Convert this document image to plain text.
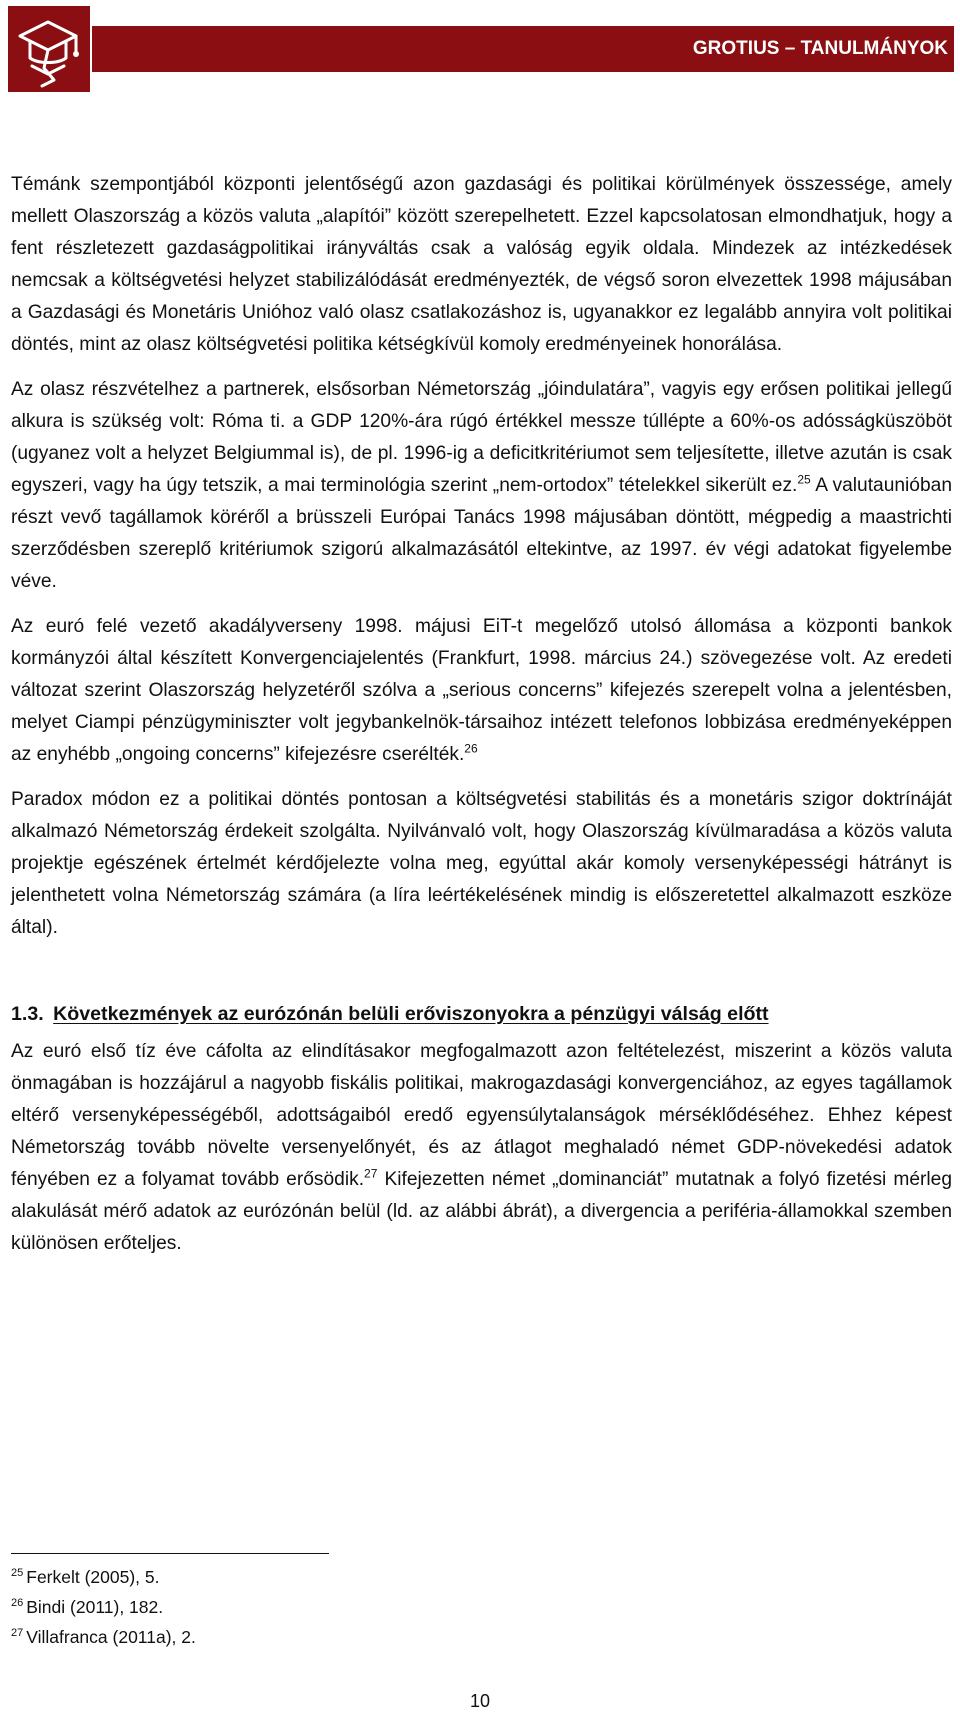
GROTIUS – TANULMÁNYOK

Témánk szempontjából központi jelentőségű azon gazdasági és politikai körülmények összessége, amely mellett Olaszország a közös valuta „alapítói” között szerepelhetett. Ezzel kapcsolatosan elmondhatjuk, hogy a fent részletezett gazdaságpolitikai irányváltás csak a valóság egyik oldala. Mindezek az intézkedések nemcsak a költségvetési helyzet stabilizálódását eredményezték, de végső soron elvezettek 1998 májusában a Gazdasági és Monetáris Unióhoz való olasz csatlakozáshoz is, ugyanakkor ez legalább annyira volt politikai döntés, mint az olasz költségvetési politika kétségkívül komoly eredményeinek honorálása.

Az olasz részvételhez a partnerek, elsősorban Németország „jóindulatára”, vagyis egy erősen politikai jellegű alkura is szükség volt: Róma ti. a GDP 120%-ára rúgó értékkel messze túllépte a 60%-os adósságküszöböt (ugyanez volt a helyzet Belgiummal is), de pl. 1996-ig a deficitkritériumot sem teljesítette, illetve azután is csak egyszeri, vagy ha úgy tetszik, a mai terminológia szerint „nem-ortodox” tételekkel sikerült ez.$^{25}$ A valutaunióban részt vevő tagállamok köréről a brüsszeli Európai Tanács 1998 májusában döntött, mégpedig a maastrichti szerződésben szereplő kritériumok szigorú alkalmazásától eltekintve, az 1997. év végi adatokat figyelembe véve.

Az euró felé vezető akadályverseny 1998. májusi EiT-t megelőző utolsó állomása a központi bankok kormányzói által készített Konvergenciajelentés (Frankfurt, 1998. március 24.) szövegezése volt. Az eredeti változat szerint Olaszország helyzetéről szólva a „serious concerns” kifejezés szerepelt volna a jelentésben, melyet Ciampi pénzügyminiszter volt jegybankelnök-társaihoz intézett telefonos lobbizása eredményeképpen az enyhébb „ongoing concerns” kifejezésre cserélték.$^{26}$

Paradox módon ez a politikai döntés pontosan a költségvetési stabilitás és a monetáris szigor doktrínáját alkalmazó Németország érdekeit szolgálta. Nyilvánvaló volt, hogy Olaszország kívülmaradása a közös valuta projektje egészének értelmét kérdőjelezte volna meg, egyúttal akár komoly versenyképességi hátrányt is jelenthetett volna Németország számára (a líra leértékelésének mindig is előszeretettel alkalmazott eszköze által).

1.3. Következmények az eurózónán belüli erőviszonyokra a pénzügyi válság előtt

Az euró első tíz éve cáfolta az elindításakor megfogalmazott azon feltételezést, miszerint a közös valuta önmagában is hozzájárul a nagyobb fiskális politikai, makrogazdasági konvergenciához, az egyes tagállamok eltérő versenyképességéből, adottságaiból eredő egyensúlytalanságok mérséklődéséhez. Ehhez képest Németország tovább növelte versenyelőnyét, és az átlagot meghaladó német GDP-növekedési adatok fényében ez a folyamat tovább erősödik.$^{27}$ Kifejezetten német „dominanciát” mutatnak a folyó fizetési mérleg alakulását mérő adatok az eurózónán belül (ld. az alábbi ábrát), a divergencia a periféria-államokkal szemben különösen erőteljes.

$^{25}$ Ferkelt (2005), 5.

$^{26}$ Bindi (2011), 182.

$^{27}$ Villafranca (2011a), 2.

10
